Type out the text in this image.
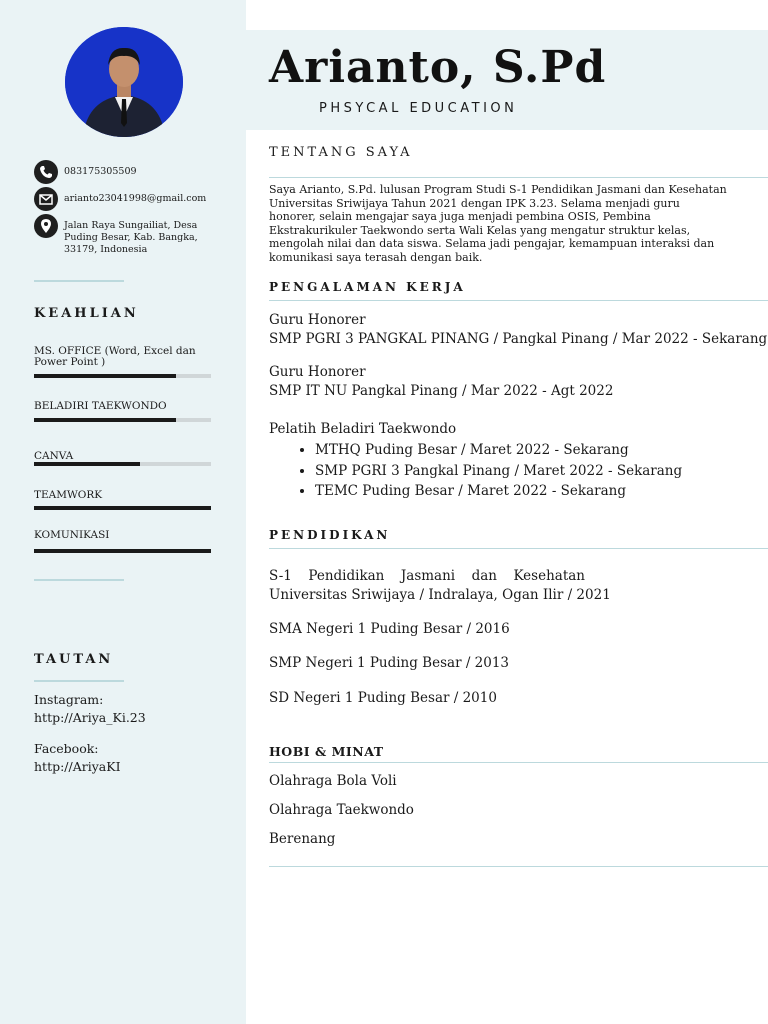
083175305509
arianto23041998@gmail.com
Jalan Raya Sungailiat, Desa Puding Besar, Kab. Bangka, 33179, Indonesia
KEAHLIAN
MS. OFFICE (Word, Excel dan Power Point )
BELADIRI TAEKWONDO
CANVA
TEAMWORK
KOMUNIKASI
TAUTAN
Instagram:
http://Ariya_Ki.23
Facebook:
http://AriyaKI
Arianto, S.Pd
PHSYCAL EDUCATION
TENTANG SAYA
Saya Arianto, S.Pd. lulusan Program Studi S-1 Pendidikan Jasmani dan Kesehatan Universitas Sriwijaya Tahun 2021 dengan IPK 3.23. Selama menjadi guru honorer, selain mengajar saya juga menjadi pembina OSIS, Pembina Ekstrakurikuler Taekwondo serta Wali Kelas yang mengatur struktur kelas, mengolah nilai dan data siswa. Selama jadi pengajar, kemampuan interaksi dan komunikasi saya terasah dengan baik.
PENGALAMAN KERJA
Guru Honorer
SMP PGRI 3 PANGKAL PINANG / Pangkal Pinang / Mar 2022 - Sekarang
Guru Honorer
SMP IT NU Pangkal Pinang / Mar 2022 - Agt 2022
Pelatih Beladiri Taekwondo
• MTHQ Puding Besar / Maret 2022 - Sekarang
• SMP PGRI 3 Pangkal Pinang / Maret 2022 - Sekarang
• TEMC Puding Besar / Maret 2022 - Sekarang
PENDIDIKAN
S-1 Pendidikan Jasmani dan Kesehatan
Universitas Sriwijaya / Indralaya, Ogan Ilir / 2021
SMA Negeri 1 Puding Besar / 2016
SMP Negeri 1 Puding Besar / 2013
SD Negeri 1 Puding Besar / 2010
HOBI & MINAT
Olahraga Bola Voli
Olahraga Taekwondo
Berenang
